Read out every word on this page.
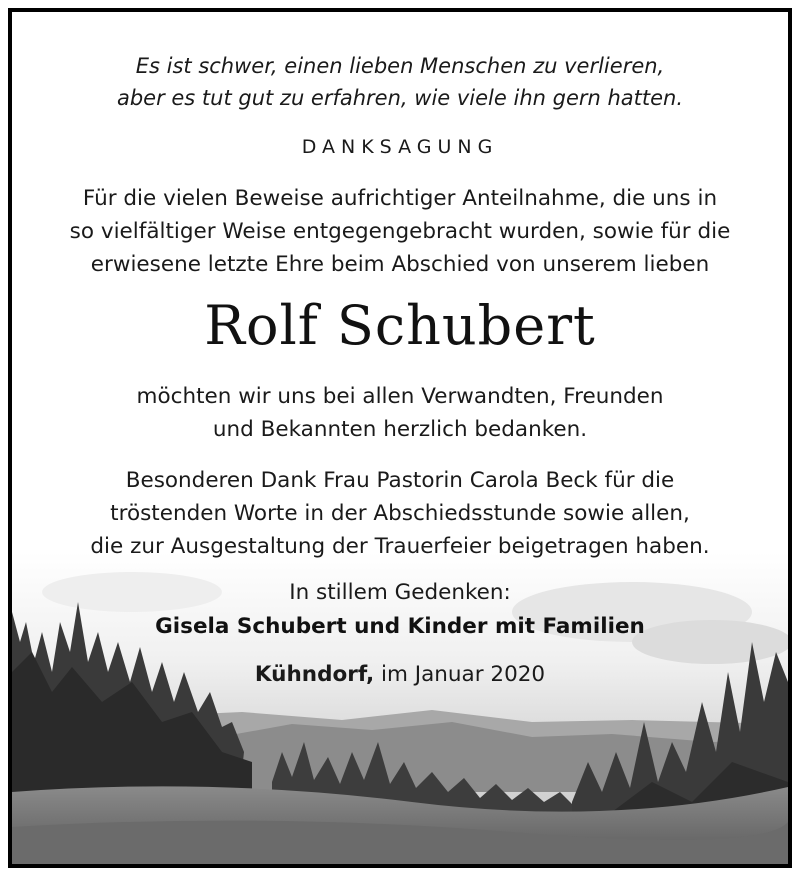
Es ist schwer, einen lieben Menschen zu verlieren,
aber es tut gut zu erfahren, wie viele ihn gern hatten.
DANKSAGUNG
Für die vielen Beweise aufrichtiger Anteilnahme, die uns in
so vielfältiger Weise entgegengebracht wurden, sowie für die
erwiesene letzte Ehre beim Abschied von unserem lieben
Rolf Schubert
möchten wir uns bei allen Verwandten, Freunden
und Bekannten herzlich bedanken.
Besonderen Dank Frau Pastorin Carola Beck für die
tröstenden Worte in der Abschiedsstunde sowie allen,
die zur Ausgestaltung der Trauerfeier beigetragen haben.
In stillem Gedenken:
Gisela Schubert und Kinder mit Familien
Kühndorf, im Januar 2020
